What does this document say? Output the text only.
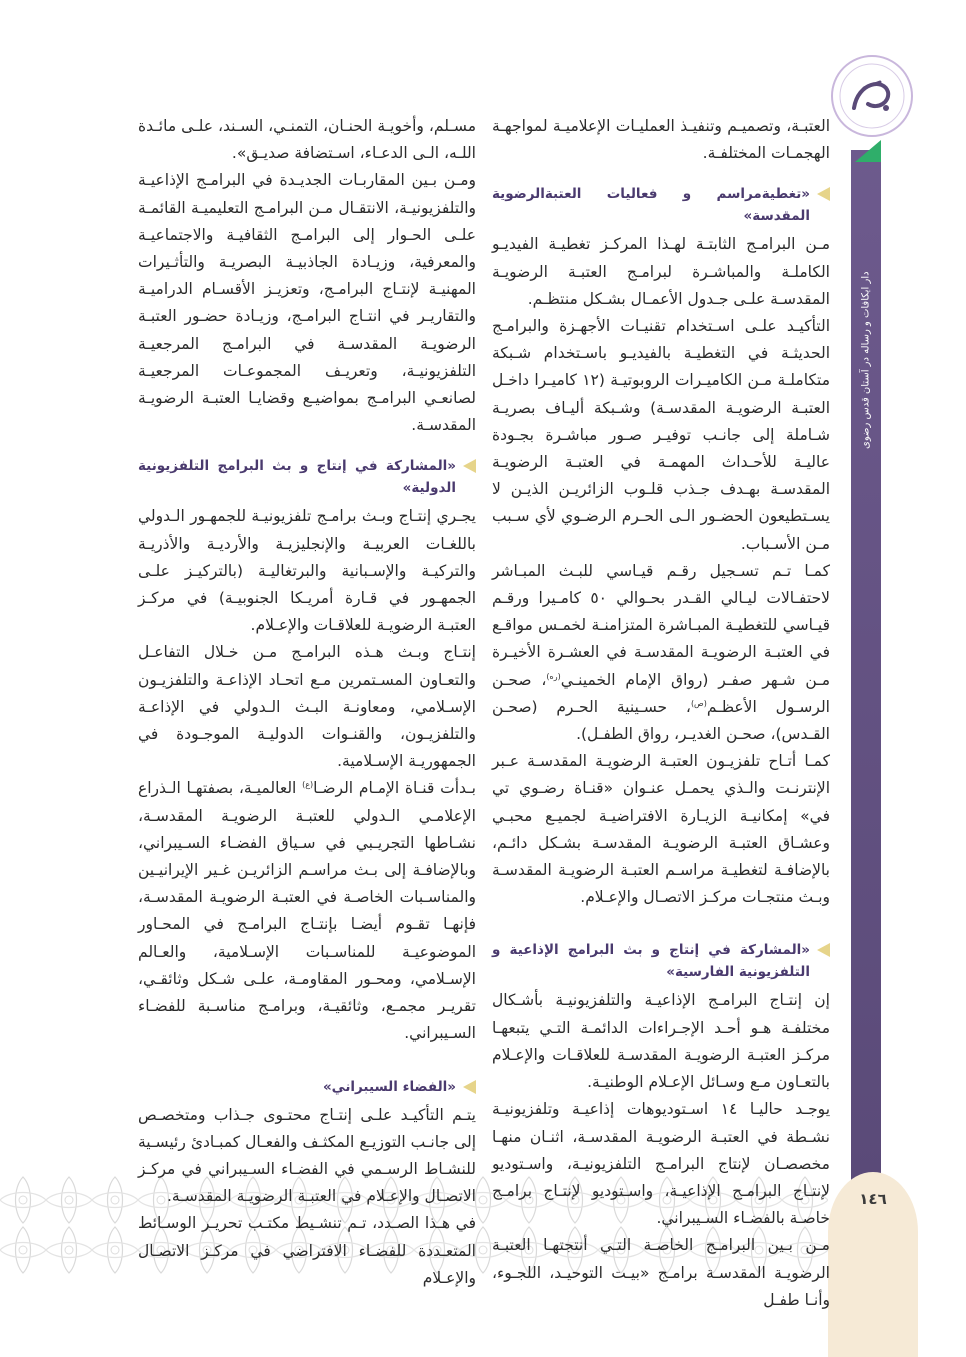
دار ایکافات و رساله در آستان قدس رضوی
١٤٦

العتبـة، وتصميـم وتنفيـذ العمليـات الإعلاميـة لمواجهـة الهجمـات المختلفـة.

«تغطيةمراسم و فعاليات العتبةالرضوية المقدسة»

مـن البرامـج الثابتـة لهـذا المركـز تغطيـة الفيديـو الكاملـة والمباشـرة لبرامـج العتبـة الرضويـة المقدسـة علـى جـدول الأعمـال بشـكل منتظـم.

التأكيـد علـى اسـتخدام تقنيـات الأجهـزة والبرامـج الحديثـة في التغطيـة بالفيديـو باسـتخدام شـبكة متكاملـة مـن الكاميـرات الروبوتيـة (١٢ كاميـرا داخـل العتبـة الرضويـة المقدسـة) وشـبكة أليـاف بصريـة شـاملة إلى جانـب توفيـر صـور مباشـرة بجـودة عاليـة للأحـداث المهمـة في العتبـة الرضويـة المقدسـة بهـدف جـذب قلـوب الزائريـن الذيـن لا يسـتطيعون الحضـور الـى الحـرم الرضـوي لأي سـبب مـن الأسـباب.

كمـا تـم تسـجيل رقـم قيـاسي للبـث المبـاشر لاحتفـالات ليـالي القـدر بحـوالي ٥٠ كامـيرا ورقـم قيـاسي للتغطيـة المبـاشرة المتزامنـة لخمـس مواقـع في العتبـة الرضويـة المقدسـة في العشـرة الأخيـرة مـن شـهر صفـر (رواق الإمام الخمينـي$^{(ره)}$، صحـن الرسـول الأعظـم$^{(ص)}$، حسـينية الحـرم (صحـن القـدس)، صحـن الغديـر، رواق الطفـل).

كمـا أتـاح تلفزيـون العتبـة الرضويـة المقدسـة عـبر الإنترنـت والـذي يحمـل عنـوان «قنـاة رضـوي تي في» إمكانيـة الزيـارة الافتراضيـة لجميـع محبـي وعشـاق العتبـة الرضويـة المقدسـة بشـكل دائـم، بالإضافـة لتغطيـة مراسـم العتبـة الرضويـة المقدسـة وبـث منتجـات مركـز الاتصـال والإعـلام.

«المشاركة في إنتاج و بث البرامج الإذاعية و التلفزيونية الفارسية»

إن إنتـاج البرامـج الإذاعيـة والتلفزيونيـة بأشـكال مختلفـة هـو أحـد الإجـراءات الدائمـة التـي يتبعهـا مركـز العتبـة الرضويـة المقدسـة للعلاقـات والإعـلام بالتعـاون مـع وسـائل الإعـلام الوطنيـة.

يوجـد حاليـا ١٤ اسـتوديوهات إذاعيـة وتلفزيونيـة نشـطة في العتبـة الرضويـة المقدسـة، اثنـان منهـا مخصصـان لإنتاج البرامـج التلفزيونيـة، واسـتوديو لإنتـاج البرامـج الإذاعيـة، واسـتوديو لإنتـاج برامـج خاصـة بالفضـاء السـيبراني.

مـن بـين البرامـج الخاصـة التـي أنتجتهـا العتبـة الرضويـة المقدسـة برامـج «بيـت التوحيـد، اللجـوء، وأنـا طفـل

مسـلم، وأخويـة الحنـان، التمنـي، السـند، علـى مائـدة اللـه، الـى الدعـاء، اسـتضافة صديـق».

ومـن بـين المقاربـات الجديـدة في البرامـج الإذاعيـة والتلفزيونيـة، الانتقـال مـن البرامـج التعليميـة القائمـة علـى الحـوار إلى البرامـج الثقافيـة والاجتماعيـة والمعرفية، وزيـادة الجاذبيـة البصريـة والتأثـيرات المهنيـة لإنتـاج البرامـج، وتعزيـز الأقسـام الدراميـة والتقاريـر في انتـاج البرامـج، وزيـادة حضـور العتبـة الرضويـة المقدسـة في البرامـج المرجعيـة التلفزيونيـة، وتعريـف المجموعـات المرجعيـة لصانعـي البرامـج بمواضيـع وقضايـا العتبـة الرضويـة المقدسـة.

«المشاركة في إنتاج و بث البرامج التلفزيونية الدولية»

يجـري إنتـاج وبـث برامـج تلفزيونيـة للجمهـور الـدولي باللغـات العربيـة والإنجليزيـة والأرديـة والأذريـة والتركيـة والإسـبانية والبرتغاليـة (بالتركيـز علـى الجمهـور في قـارة أمريـكا الجنوبيـة) في مركـز العتبـة الرضويـة للعلاقـات والإعـلام.

إنتـاج وبـث هـذه البرامـج مـن خـلال التفاعـل والتعـاون المسـتمرين مـع اتحـاد الإذاعـة والتلفزيـون الإسـلامي، ومعاونـة البـث الـدولي في الإذاعـة والتلفزيـون، والقنـوات الدوليـة الموجـودة في الجمهوريـة الإسـلامية.

بـدأت قنـاة الإمـام الرضـا$^{(ع)}$ العالميـة، بصفتهـا الـذراع الإعلامـي الـدولي للعتبـة الرضويـة المقدسـة، نشـاطها التجريـبي في سـياق الفضـاء السـيبراني، وبالإضافـة إلى بـث مراسـم الزائريـن غـير الإيرانيـين والمناسـبات الخاصـة في العتبـة الرضويـة المقدسـة، فإنهـا تقـوم أيضـا بإنتـاج البرامـج في المحـاور الموضوعيـة للمناسـبات الإسـلامية، والعـالم الإسـلامي، ومحـور المقاومـة، علـى شـكل وثائقـي، تقريـر مجمـع، وثائقيـة، وبرامـج مناسـبة للفضـاء السـيبراني.

«الفضاء السيبراني»

يتـم التأكيـد علـى إنتـاج محتـوى جـذاب ومتخصـص إلى جانـب التوزيـع المكثـف والفعـال كمبـادئ رئيسـية للنشـاط الرسـمي في الفضـاء السـيبراني في مركـز الاتصـال والإعـلام في العتبـة الرضويـة المقدسـة.

في هـذا الصـدد، تـم تنشـيط مكتـب تحريـر الوسـائط المتعـددة للفضـاء الافتراضي في مركـز الاتصـال والإعـلام
